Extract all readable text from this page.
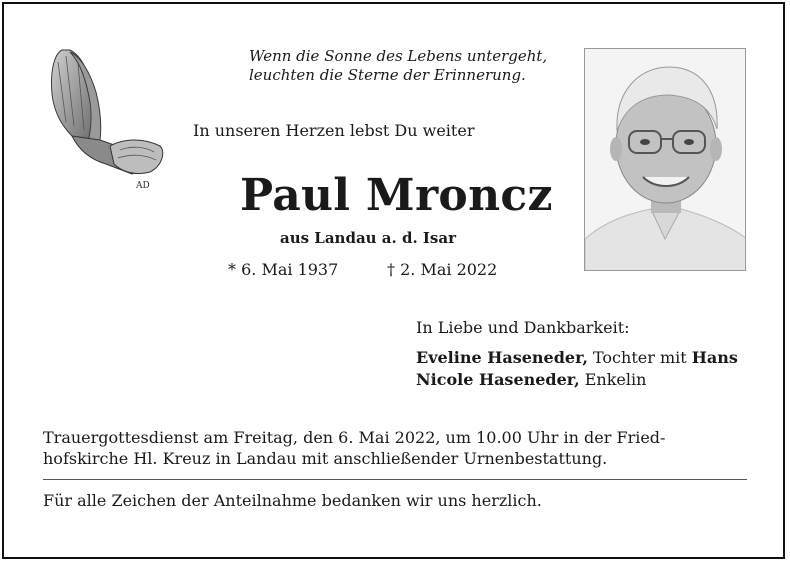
AD
Wenn die Sonne des Lebens untergeht,
leuchten die Sterne der Erinnerung.
In unseren Herzen lebst Du weiter
Paul Mroncz
aus Landau a. d. Isar
* 6. Mai 1937	† 2. Mai 2022
In Liebe und Dankbarkeit:
Eveline Haseneder, Tochter mit Hans
Nicole Haseneder, Enkelin
Trauergottesdienst am Freitag, den 6. Mai 2022, um 10.00 Uhr in der Fried-
hofskirche Hl. Kreuz in Landau mit anschließender Urnenbestattung.
Für alle Zeichen der Anteilnahme bedanken wir uns herzlich.
